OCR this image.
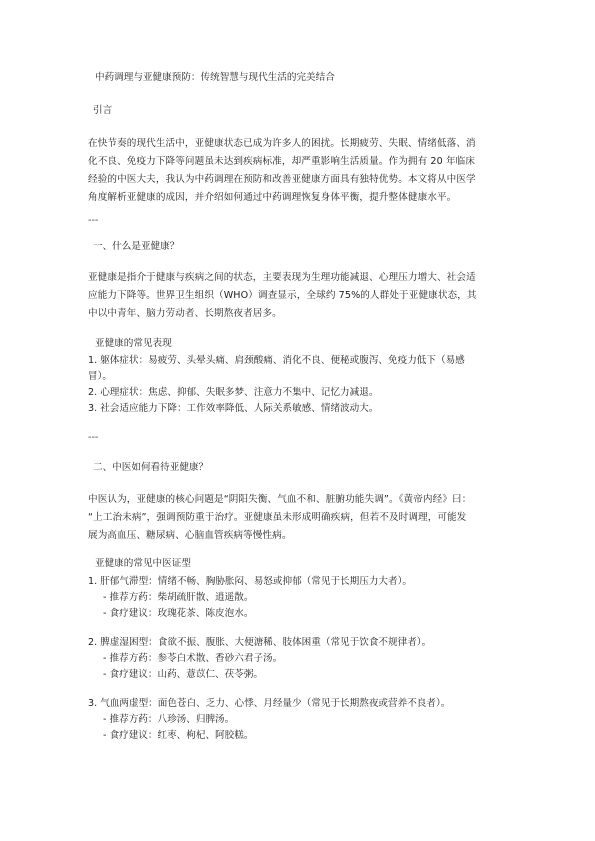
中药调理与亚健康预防：传统智慧与现代生活的完美结合
引言
在快节奏的现代生活中，亚健康状态已成为许多人的困扰。长期疲劳、失眠、情绪低落、消
化不良、免疫力下降等问题虽未达到疾病标准，却严重影响生活质量。作为拥有 20 年临床
经验的中医大夫，我认为中药调理在预防和改善亚健康方面具有独特优势。本文将从中医学
角度解析亚健康的成因，并介绍如何通过中药调理恢复身体平衡，提升整体健康水平。
---
一、什么是亚健康？
亚健康是指介于健康与疾病之间的状态，主要表现为生理功能减退、心理压力增大、社会适
应能力下降等。世界卫生组织（WHO）调查显示，全球约 75%的人群处于亚健康状态，其
中以中青年、脑力劳动者、长期熬夜者居多。
亚健康的常见表现
1. 躯体症状：易疲劳、头晕头痛、肩颈酸痛、消化不良、便秘或腹泻、免疫力低下（易感
冒）。
2. 心理症状：焦虑、抑郁、失眠多梦、注意力不集中、记忆力减退。
3. 社会适应能力下降：工作效率降低、人际关系敏感、情绪波动大。
---
二、中医如何看待亚健康？
中医认为，亚健康的核心问题是“阴阳失衡、气血不和、脏腑功能失调”。《黄帝内经》曰：
“上工治未病”，强调预防重于治疗。亚健康虽未形成明确疾病，但若不及时调理，可能发
展为高血压、糖尿病、心脑血管疾病等慢性病。
亚健康的常见中医证型
1. 肝郁气滞型：情绪不畅、胸胁胀闷、易怒或抑郁（常见于长期压力大者）。
- 推荐方药：柴胡疏肝散、逍遥散。
- 食疗建议：玫瑰花茶、陈皮泡水。
2. 脾虚湿困型：食欲不振、腹胀、大便溏稀、肢体困重（常见于饮食不规律者）。
- 推荐方药：参苓白术散、香砂六君子汤。
- 食疗建议：山药、薏苡仁、茯苓粥。
3. 气血两虚型：面色苍白、乏力、心悸、月经量少（常见于长期熬夜或营养不良者）。
- 推荐方药：八珍汤、归脾汤。
- 食疗建议：红枣、枸杞、阿胶糕。
